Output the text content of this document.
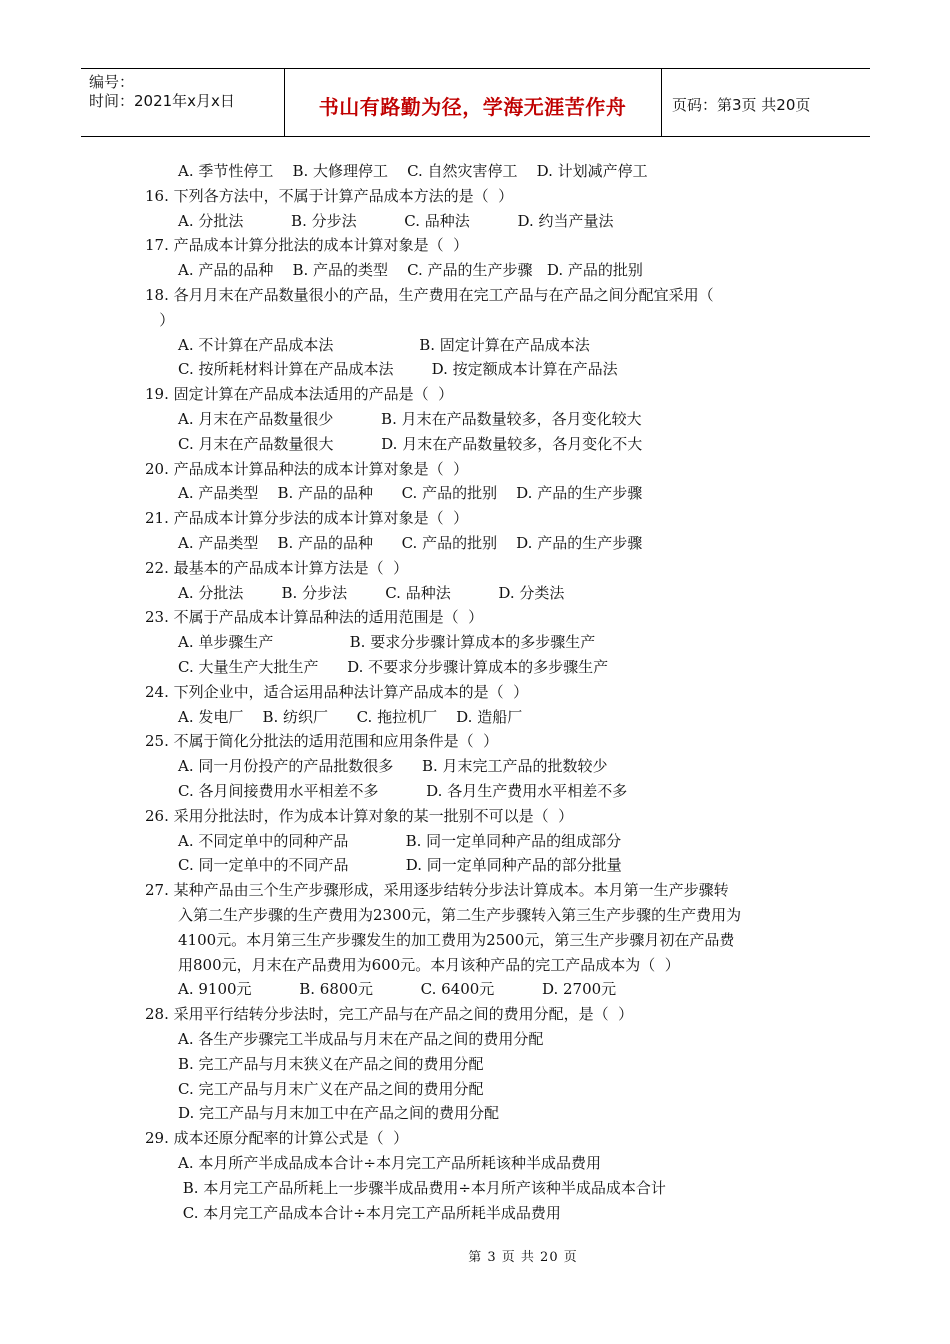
编号：
时间：2021年x月x日	书山有路勤为径，学海无涯苦作舟	页码：第3页 共20页
A. 季节性停工    B. 大修理停工    C. 自然灾害停工    D. 计划减产停工
16. 下列各方法中，不属于计算产品成本方法的是（  ）
A. 分批法          B. 分步法          C. 品种法          D. 约当产量法
17. 产品成本计算分批法的成本计算对象是（  ）
A. 产品的品种    B. 产品的类型    C. 产品的生产步骤   D. 产品的批别
18. 各月月末在产品数量很小的产品，生产费用在完工产品与在产品之间分配宜采用（
）
A. 不计算在产品成本法                  B. 固定计算在产品成本法
C. 按所耗材料计算在产品成本法        D. 按定额成本计算在产品法
19. 固定计算在产品成本法适用的产品是（  ）
A. 月末在产品数量很少          B. 月末在产品数量较多，各月变化较大
C. 月末在产品数量很大          D. 月末在产品数量较多，各月变化不大
20. 产品成本计算品种法的成本计算对象是（  ）
A. 产品类型    B. 产品的品种      C. 产品的批别    D. 产品的生产步骤
21. 产品成本计算分步法的成本计算对象是（  ）
A. 产品类型    B. 产品的品种      C. 产品的批别    D. 产品的生产步骤
22. 最基本的产品成本计算方法是（  ）
A. 分批法        B. 分步法        C. 品种法          D. 分类法
23. 不属于产品成本计算品种法的适用范围是（  ）
A. 单步骤生产                B. 要求分步骤计算成本的多步骤生产
C. 大量生产大批生产      D. 不要求分步骤计算成本的多步骤生产
24. 下列企业中，适合运用品种法计算产品成本的是（  ）
A. 发电厂    B. 纺织厂      C. 拖拉机厂    D. 造船厂
25. 不属于简化分批法的适用范围和应用条件是（  ）
A. 同一月份投产的产品批数很多      B. 月末完工产品的批数较少
C. 各月间接费用水平相差不多          D. 各月生产费用水平相差不多
26. 采用分批法时，作为成本计算对象的某一批别不可以是（  ）
A. 不同定单中的同种产品            B. 同一定单同种产品的组成部分
C. 同一定单中的不同产品            D. 同一定单同种产品的部分批量
27. 某种产品由三个生产步骤形成，采用逐步结转分步法计算成本。本月第一生产步骤转
入第二生产步骤的生产费用为2300元，第二生产步骤转入第三生产步骤的生产费用为
4100元。本月第三生产步骤发生的加工费用为2500元，第三生产步骤月初在产品费
用800元，月末在产品费用为600元。本月该种产品的完工产品成本为（  ）
A. 9100元          B. 6800元          C. 6400元          D. 2700元
28. 采用平行结转分步法时，完工产品与在产品之间的费用分配，是（  ）
A. 各生产步骤完工半成品与月末在产品之间的费用分配
B. 完工产品与月末狭义在产品之间的费用分配
C. 完工产品与月末广义在产品之间的费用分配
D. 完工产品与月末加工中在产品之间的费用分配
29. 成本还原分配率的计算公式是（  ）
A. 本月所产半成品成本合计÷本月完工产品所耗该种半成品费用
B. 本月完工产品所耗上一步骤半成品费用÷本月所产该种半成品成本合计
C. 本月完工产品成本合计÷本月完工产品所耗半成品费用
第 3 页 共 20 页
